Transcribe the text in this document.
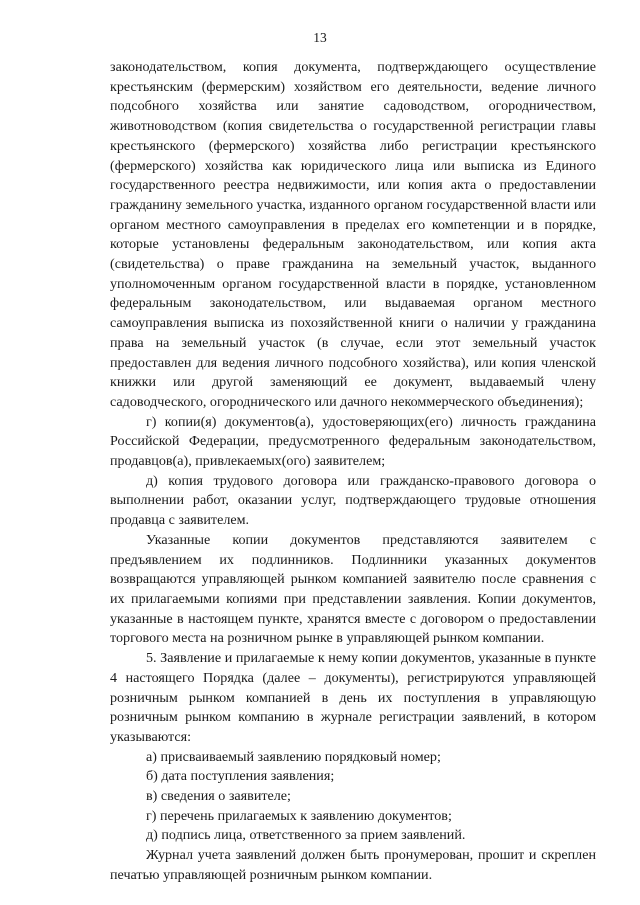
13

законодательством, копия документа, подтверждающего осуществление крестьянским (фермерским) хозяйством его деятельности, ведение личного подсобного хозяйства или занятие садоводством, огородничеством, животноводством (копия свидетельства о государственной регистрации главы крестьянского (фермерского) хозяйства либо регистрации крестьянского (фермерского) хозяйства как юридического лица или выписка из Единого государственного реестра недвижимости, или копия акта о предоставлении гражданину земельного участка, изданного органом государственной власти или органом местного самоуправления в пределах его компетенции и в порядке, которые установлены федеральным законодательством, или копия акта (свидетельства) о праве гражданина на земельный участок, выданного уполномоченным органом государственной власти в порядке, установленном федеральным законодательством, или выдаваемая органом местного самоуправления выписка из похозяйственной книги о наличии у гражданина права на земельный участок (в случае, если этот земельный участок предоставлен для ведения личного подсобного хозяйства), или копия членской книжки или другой заменяющий ее документ, выдаваемый члену садоводческого, огороднического или дачного некоммерческого объединения);

г) копии(я) документов(а), удостоверяющих(его) личность гражданина Российской Федерации, предусмотренного федеральным законодательством, продавцов(а), привлекаемых(ого) заявителем;

д) копия трудового договора или гражданско-правового договора о выполнении работ, оказании услуг, подтверждающего трудовые отношения продавца с заявителем.

Указанные копии документов представляются заявителем с предъявлением их подлинников. Подлинники указанных документов возвращаются управляющей рынком компанией заявителю после сравнения с их прилагаемыми копиями при представлении заявления. Копии документов, указанные в настоящем пункте, хранятся вместе с договором о предоставлении торгового места на розничном рынке в управляющей рынком компании.

5. Заявление и прилагаемые к нему копии документов, указанные в пункте 4 настоящего Порядка (далее – документы), регистрируются управляющей розничным рынком компанией в день их поступления в управляющую розничным рынком компанию в журнале регистрации заявлений, в котором указываются:

а) присваиваемый заявлению порядковый номер;

б) дата поступления заявления;

в) сведения о заявителе;

г) перечень прилагаемых к заявлению документов;

д) подпись лица, ответственного за прием заявлений.

Журнал учета заявлений должен быть пронумерован, прошит и скреплен печатью управляющей розничным рынком компании.
